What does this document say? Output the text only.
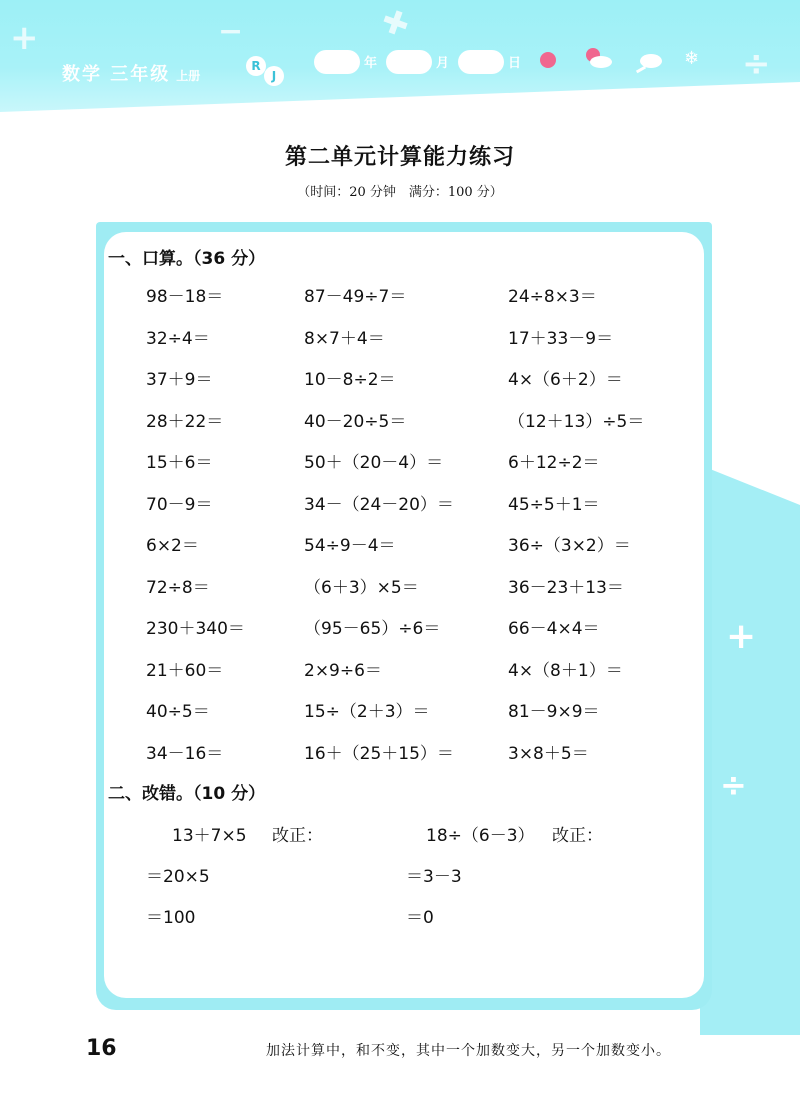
+	−	✚
÷
数学 三年级 上册
R
J
年	月	日	❄
第二单元计算能力练习
（时间：20 分钟　满分：100 分）
+
÷
一、口算。（36 分）
98－18＝	87－49÷7＝	24÷8×3＝
32÷4＝	8×7＋4＝	17＋33－9＝
37＋9＝	10－8÷2＝	4×（6＋2）＝
28＋22＝	40－20÷5＝	（12＋13）÷5＝
15＋6＝	50＋（20－4）＝	6＋12÷2＝
70－9＝	34－（24－20）＝	45÷5＋1＝
6×2＝	54÷9－4＝	36÷（3×2）＝
72÷8＝	（6＋3）×5＝	36－23＋13＝
230＋340＝	（95－65）÷6＝	66－4×4＝
21＋60＝	2×9÷6＝	4×（8＋1）＝
40÷5＝	15÷（2＋3）＝	81－9×9＝
34－16＝	16＋（25＋15）＝	3×8＋5＝
二、改错。（10 分）
13＋7×5 改正：
＝20×5
＝100
18÷（6－3） 改正：
＝3－3
＝0
16	加法计算中，和不变，其中一个加数变大，另一个加数变小。
